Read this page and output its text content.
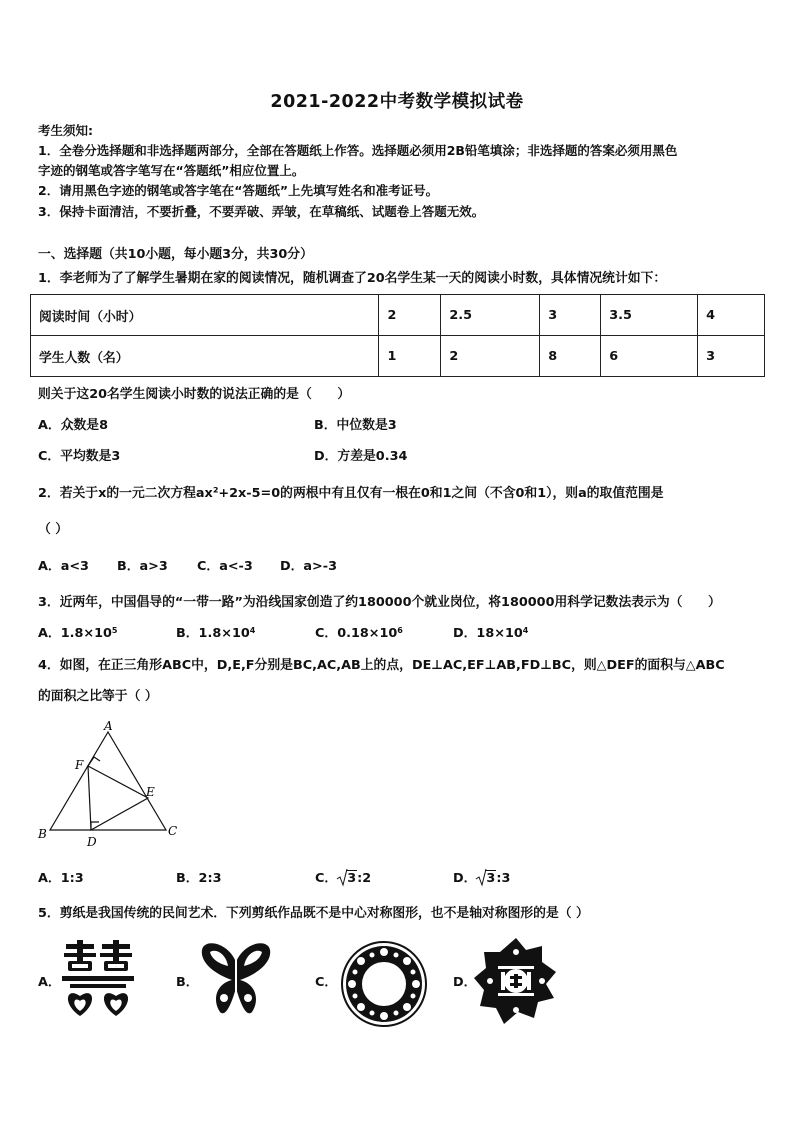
2021-2022中考数学模拟试卷
考生须知:
1．全卷分选择题和非选择题两部分，全部在答题纸上作答。选择题必须用2B铅笔填涂；非选择题的答案必须用黑色
字迹的钢笔或答字笔写在“答题纸”相应位置上。
2．请用黑色字迹的钢笔或答字笔在“答题纸”上先填写姓名和准考证号。
3．保持卡面清洁，不要折叠，不要弄破、弄皱，在草稿纸、试题卷上答题无效。
一、选择题（共10小题，每小题3分，共30分）
1．李老师为了了解学生暑期在家的阅读情况，随机调查了20名学生某一天的阅读小时数，具体情况统计如下：
阅读时间（小时）	2	2.5	3	3.5	4
学生人数（名）	1	2	8	6	3
则关于这20名学生阅读小时数的说法正确的是（　　）
A．众数是8	B．中位数是3
C．平均数是3	D．方差是0.34
2．若关于x的一元二次方程ax²+2x-5=0的两根中有且仅有一根在0和1之间（不含0和1），则a的取值范围是
（ ）
A．a<3 B．a>3 C．a<-3 D．a>-3
3．近两年，中国倡导的“一带一路”为沿线国家创造了约180000个就业岗位，将180000用科学记数法表示为（　　）
A．$1.8\times 10^5$	B．$1.8\times 10^4$	C．$0.18\times 10^6$	D．$18\times 10^4$
4．如图，在正三角形ABC中，D,E,F分别是BC,AC,AB上的点，DE⊥AC,EF⊥AB,FD⊥BC，则△DEF的面积与△ABC
的面积之比等于（ ）
A
F
E
B
D
C
A．1:3	B．2:3	C． 3:2	D． 3:3
5．剪纸是我国传统的民间艺术．下列剪纸作品既不是中心对称图形，也不是轴对称图形的是（ ）
A．	B．	C．	D．
